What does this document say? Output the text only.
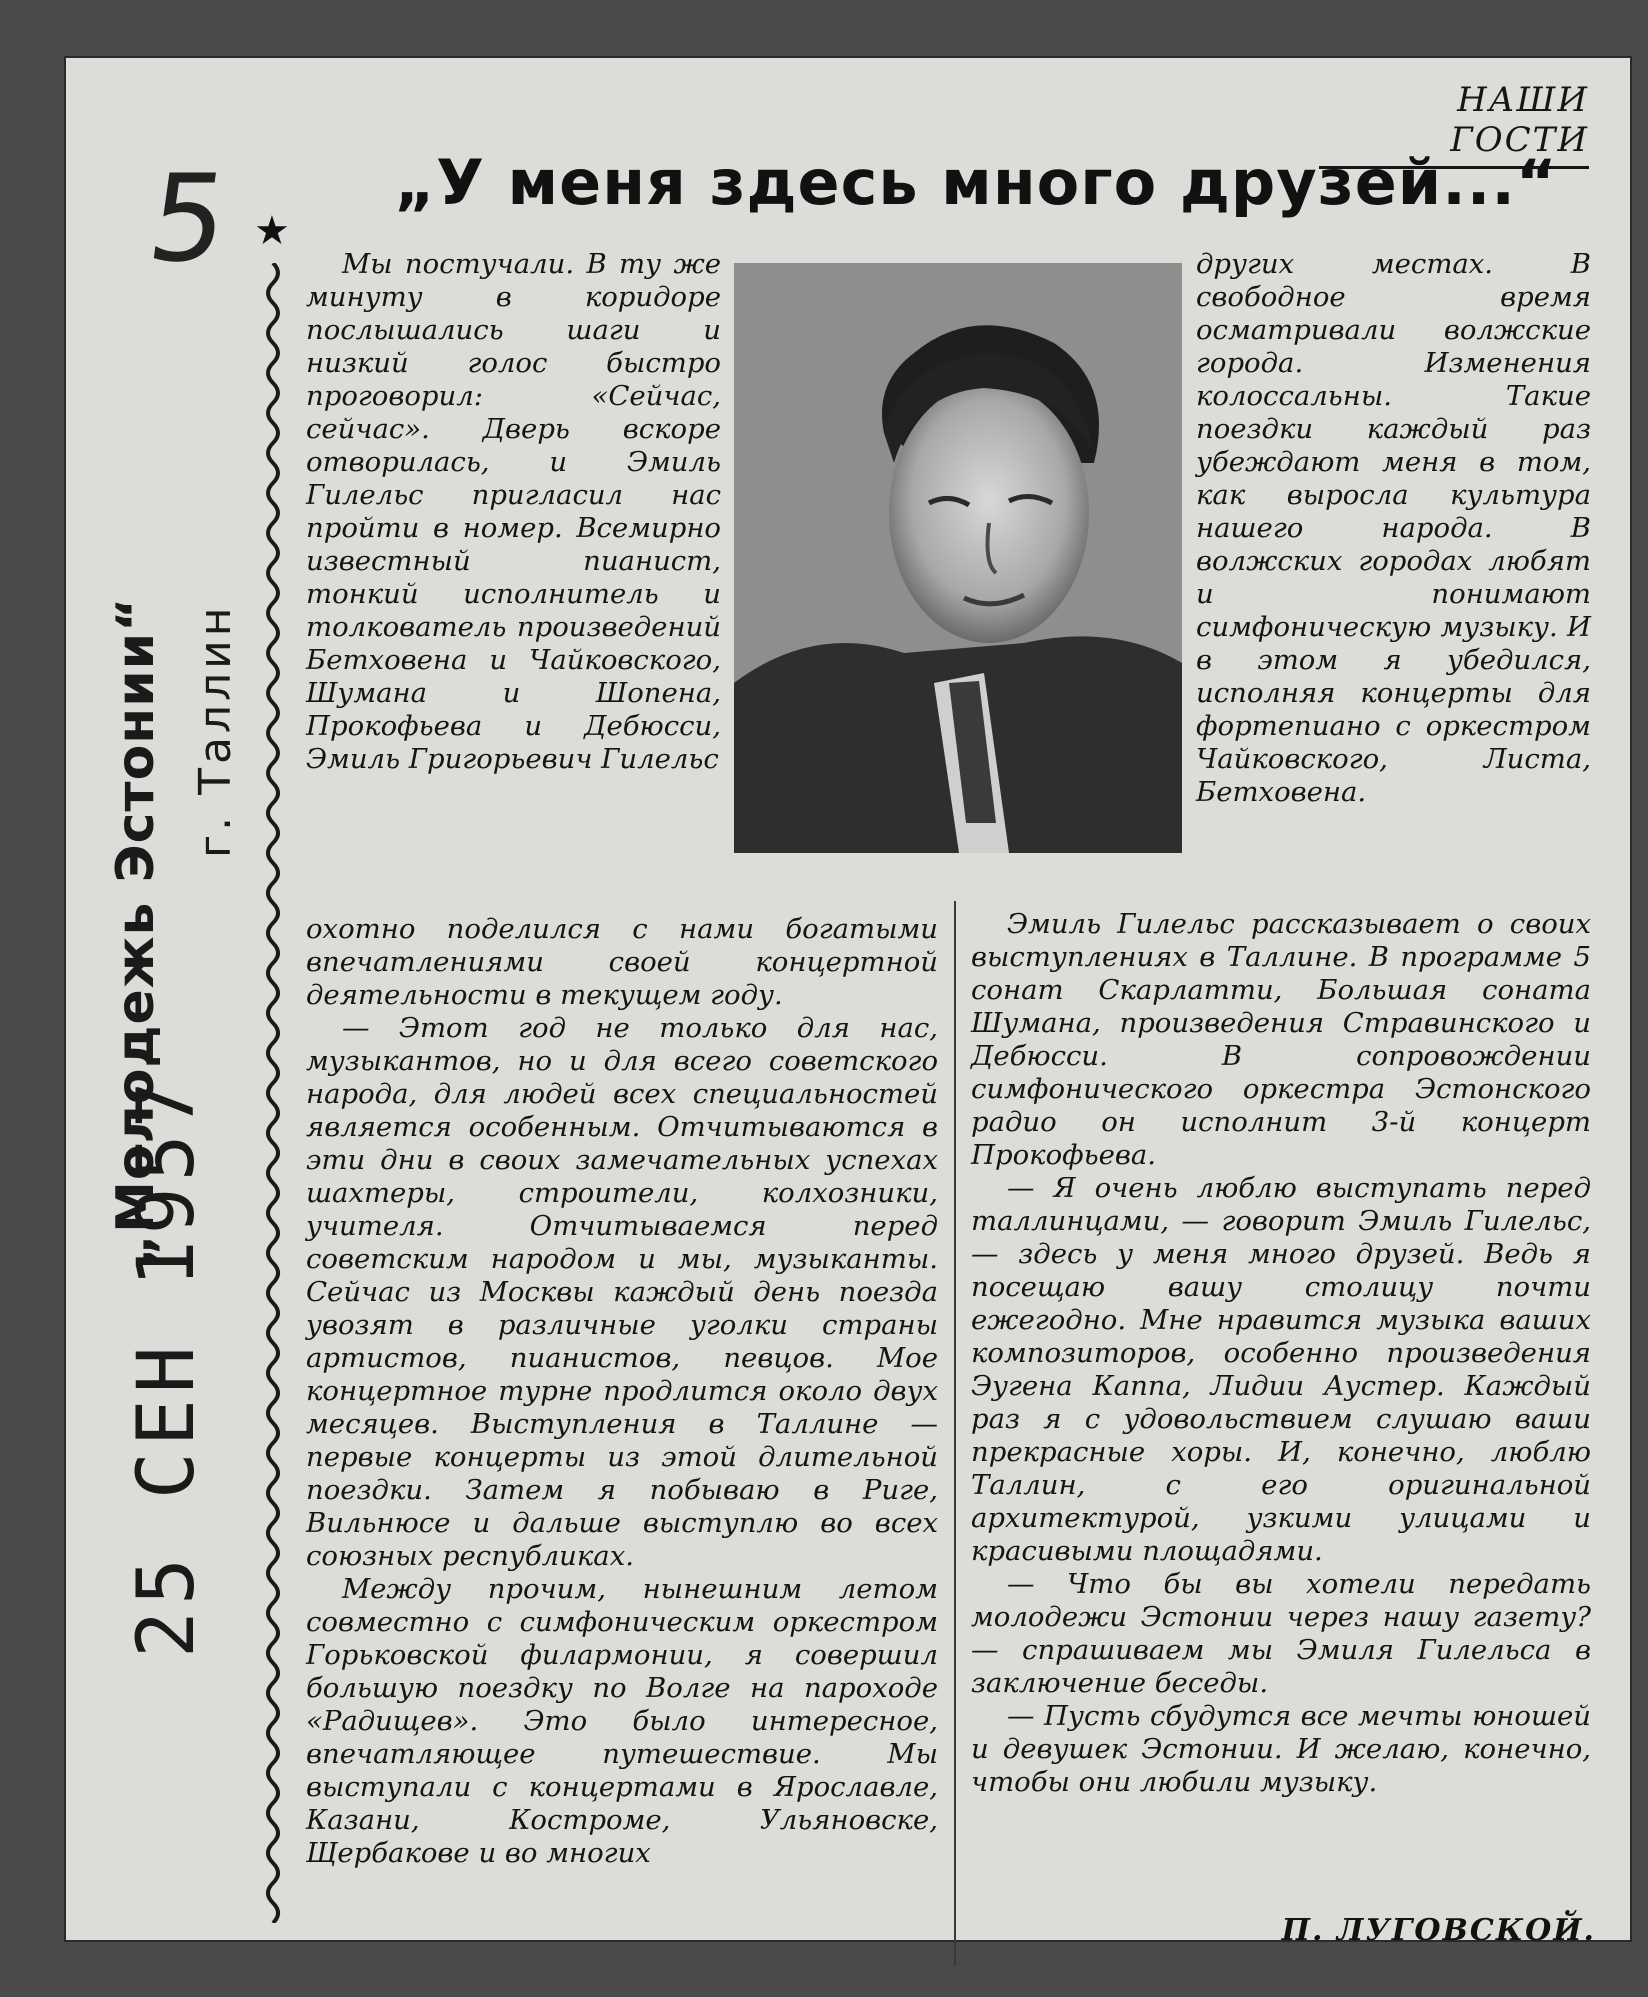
НАШИ ГОСТИ
5 ★
„У меня здесь много друзей...“
„Молодежь Эстонии“ г. Таллин
25 СЕН 1957

Мы постучали. В ту же минуту в коридоре послышались шаги и низкий голос быстро проговорил: «Сейчас, сейчас». Дверь вскоре отворилась, и Эмиль Гилельс пригласил нас пройти в номер. Всемирно известный пианист, тонкий исполнитель и толкователь произведений Бетховена и Чайковского, Шумана и Шопена, Прокофьева и Дебюсси, Эмиль Григорьевич Гилельс

охотно поделился с нами богатыми впечатлениями своей концертной деятельности в текущем году.

— Этот год не только для нас, музыкантов, но и для всего советского народа, для людей всех специальностей является особенным. Отчитываются в эти дни в своих замечательных успехах шахтеры, строители, колхозники, учителя. Отчитываемся перед советским народом и мы, музыканты. Сейчас из Москвы каждый день поезда увозят в различные уголки страны артистов, пианистов, певцов. Мое концертное турне продлится около двух месяцев. Выступления в Таллине — первые концерты из этой длительной поездки. Затем я побываю в Риге, Вильнюсе и дальше выступлю во всех союзных республиках.

Между прочим, нынешним летом совместно с симфоническим оркестром Горьковской филармонии, я совершил большую поездку по Волге на пароходе «Радищев». Это было интересное, впечатляющее путешествие. Мы выступали с концертами в Ярославле, Казани, Костроме, Ульяновске, Щербакове и во многих

других местах. В свободное время осматривали волжские города. Изменения колоссальны. Такие поездки каждый раз убеждают меня в том, как выросла культура нашего народа. В волжских городах любят и понимают симфоническую музыку. И в этом я убедился, исполняя концерты для фортепиано с оркестром Чайковского, Листа, Бетховена.

Эмиль Гилельс рассказывает о своих выступлениях в Таллине. В программе 5 сонат Скарлатти, Большая соната Шумана, произведения Стравинского и Дебюсси. В сопровождении симфонического оркестра Эстонского радио он исполнит 3-й концерт Прокофьева.

— Я очень люблю выступать перед таллинцами, — говорит Эмиль Гилельс, — здесь у меня много друзей. Ведь я посещаю вашу столицу почти ежегодно. Мне нравится музыка ваших композиторов, особенно произведения Эугена Каппа, Лидии Аустер. Каждый раз я с удовольствием слушаю ваши прекрасные хоры. И, конечно, люблю Таллин, с его оригинальной архитектурой, узкими улицами и красивыми площадями.

— Что бы вы хотели передать молодежи Эстонии через нашу газету? — спрашиваем мы Эмиля Гилельса в заключение беседы.

— Пусть сбудутся все мечты юношей и девушек Эстонии. И желаю, конечно, чтобы они любили музыку.

П. ЛУГОВСКОЙ.
